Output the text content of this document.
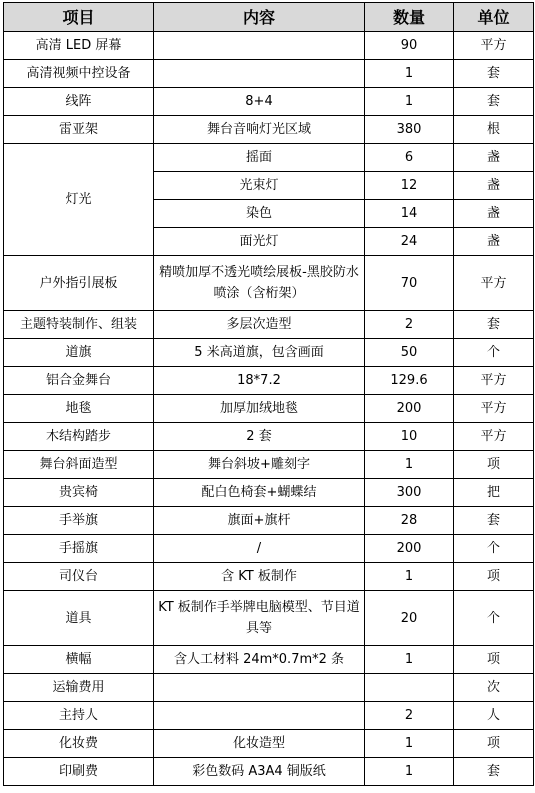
项目	内容	数量	单位
高清 LED 屏幕		90	平方
高清视频中控设备		1	套
线阵	8+4	1	套
雷亚架	舞台音响灯光区域	380	根
灯光	摇面	6	盏
	光束灯	12	盏
	染色	14	盏
	面光灯	24	盏
户外指引展板	精喷加厚不透光喷绘展板-黑胶防水喷涂（含桁架）	70	平方
主题特装制作、组装	多层次造型	2	套
道旗	5 米高道旗，包含画面	50	个
铝合金舞台	18*7.2	129.6	平方
地毯	加厚加绒地毯	200	平方
木结构踏步	2 套	10	平方
舞台斜面造型	舞台斜坡+雕刻字	1	项
贵宾椅	配白色椅套+蝴蝶结	300	把
手举旗	旗面+旗杆	28	套
手摇旗	/	200	个
司仪台	含 KT 板制作	1	项
道具	KT 板制作手举牌电脑模型、节目道具等	20	个
横幅	含人工材料 24m*0.7m*2 条	1	项
运输费用			次
主持人		2	人
化妆费	化妆造型	1	项
印刷费	彩色数码 A3A4 铜版纸	1	套
